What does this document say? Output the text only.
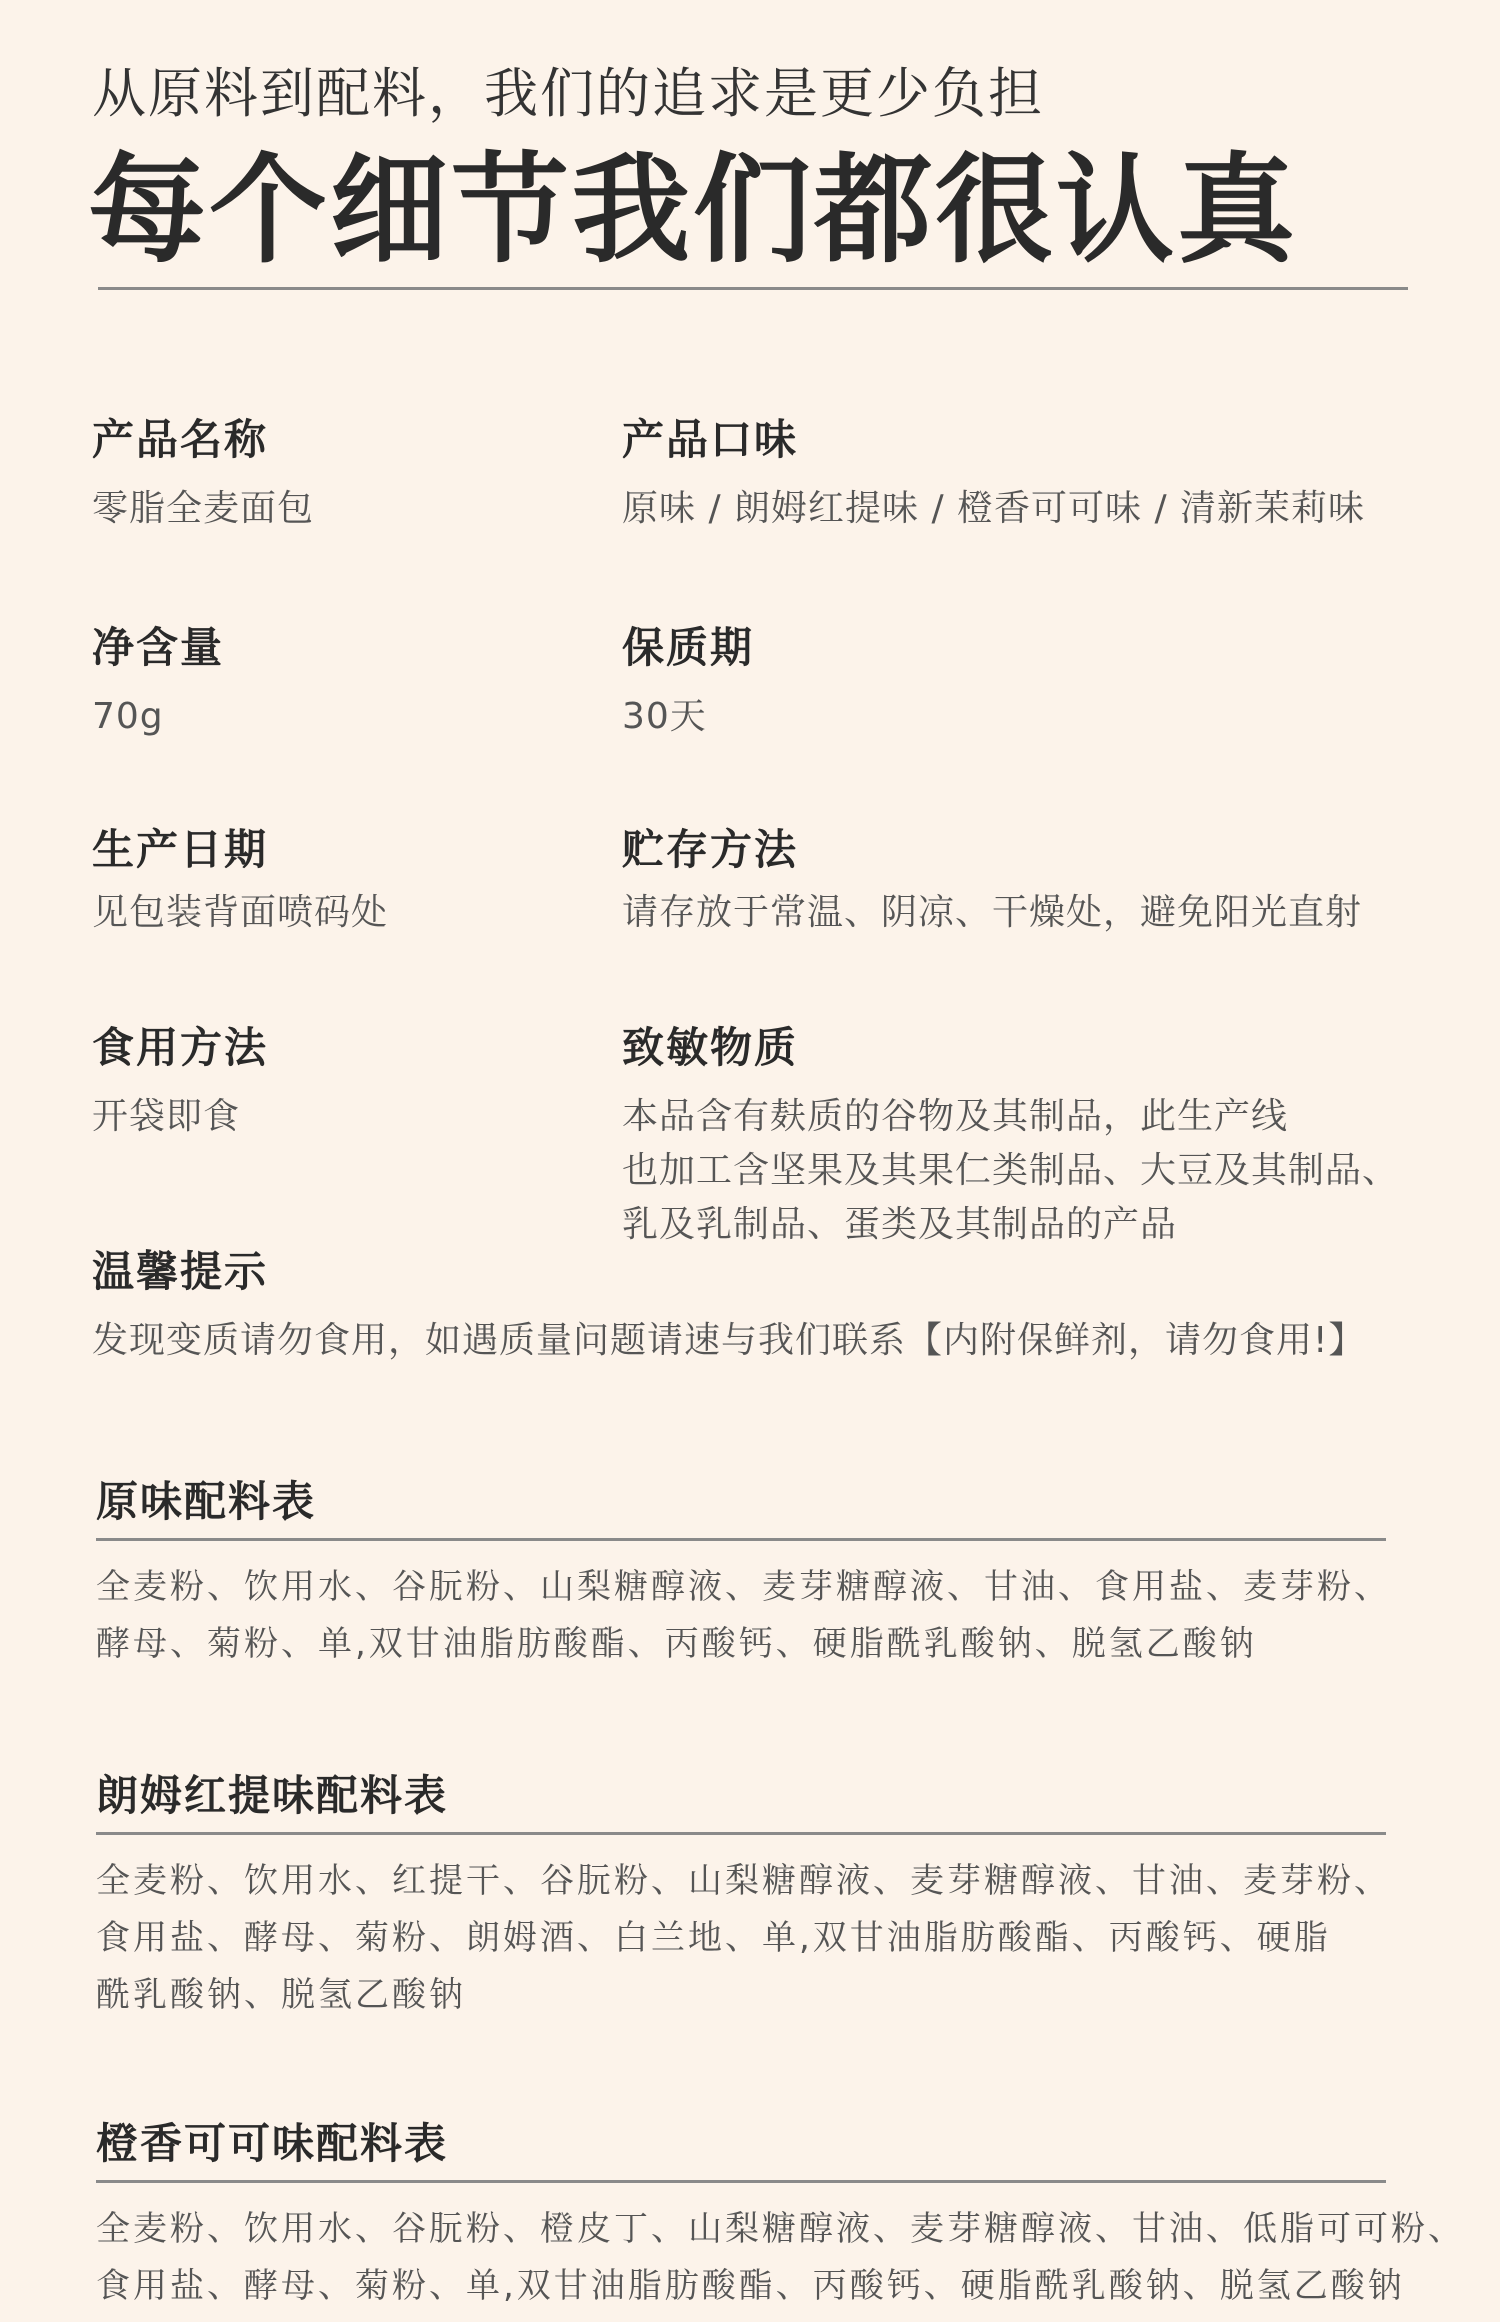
从原料到配料，我们的追求是更少负担
每个细节我们都很认真
产品名称
零脂全麦面包
产品口味
原味 / 朗姆红提味 / 橙香可可味 / 清新茉莉味
净含量
70g
保质期
30天
生产日期
见包装背面喷码处
贮存方法
请存放于常温、阴凉、干燥处，避免阳光直射
食用方法
开袋即食
致敏物质
本品含有麸质的谷物及其制品，此生产线
也加工含坚果及其果仁类制品、大豆及其制品、
乳及乳制品、蛋类及其制品的产品
温馨提示
发现变质请勿食用，如遇质量问题请速与我们联系【内附保鲜剂，请勿食用!】
原味配料表
全麦粉、饮用水、谷朊粉、山梨糖醇液、麦芽糖醇液、甘油、食用盐、麦芽粉、
酵母、菊粉、单,双甘油脂肪酸酯、丙酸钙、硬脂酰乳酸钠、脱氢乙酸钠
朗姆红提味配料表
全麦粉、饮用水、红提干、谷朊粉、山梨糖醇液、麦芽糖醇液、甘油、麦芽粉、
食用盐、酵母、菊粉、朗姆酒、白兰地、单,双甘油脂肪酸酯、丙酸钙、硬脂
酰乳酸钠、脱氢乙酸钠
橙香可可味配料表
全麦粉、饮用水、谷朊粉、橙皮丁、山梨糖醇液、麦芽糖醇液、甘油、低脂可可粉、
食用盐、酵母、菊粉、单,双甘油脂肪酸酯、丙酸钙、硬脂酰乳酸钠、脱氢乙酸钠
